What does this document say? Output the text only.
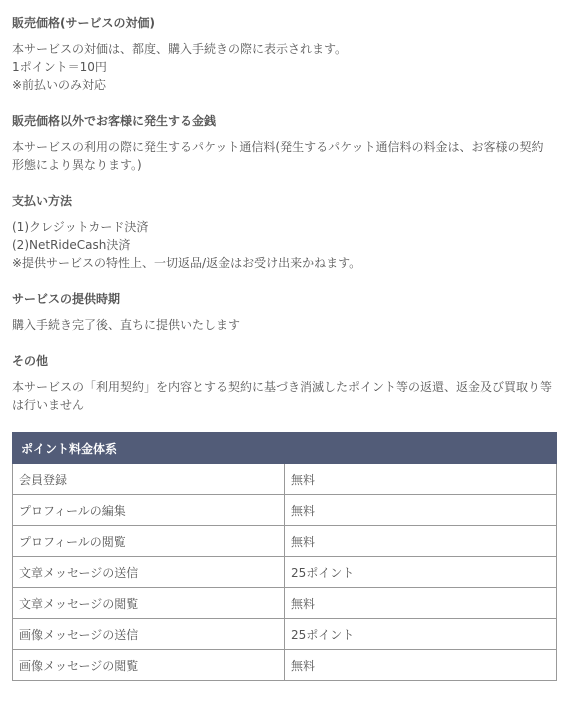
販売価格(サービスの対価)

本サービスの対価は、都度、購入手続きの際に表示されます。

1ポイント＝10円

※前払いのみ対応

販売価格以外でお客様に発生する金銭

本サービスの利用の際に発生するパケット通信料(発生するパケット通信料の料金は、お客様の契約

形態により異なります。)

支払い方法

(1)クレジットカード決済

(2)NetRideCash決済

※提供サービスの特性上、一切返品/返金はお受け出来かねます。

サービスの提供時期

購入手続き完了後、直ちに提供いたします

その他

本サービスの「利用契約」を内容とする契約に基づき消滅したポイント等の返還、返金及び買取り等

は行いません

ポイント料金体系	
会員登録	無料
プロフィールの編集	無料
プロフィールの閲覧	無料
文章メッセージの送信	25ポイント
文章メッセージの閲覧	無料
画像メッセージの送信	25ポイント
画像メッセージの閲覧	無料
